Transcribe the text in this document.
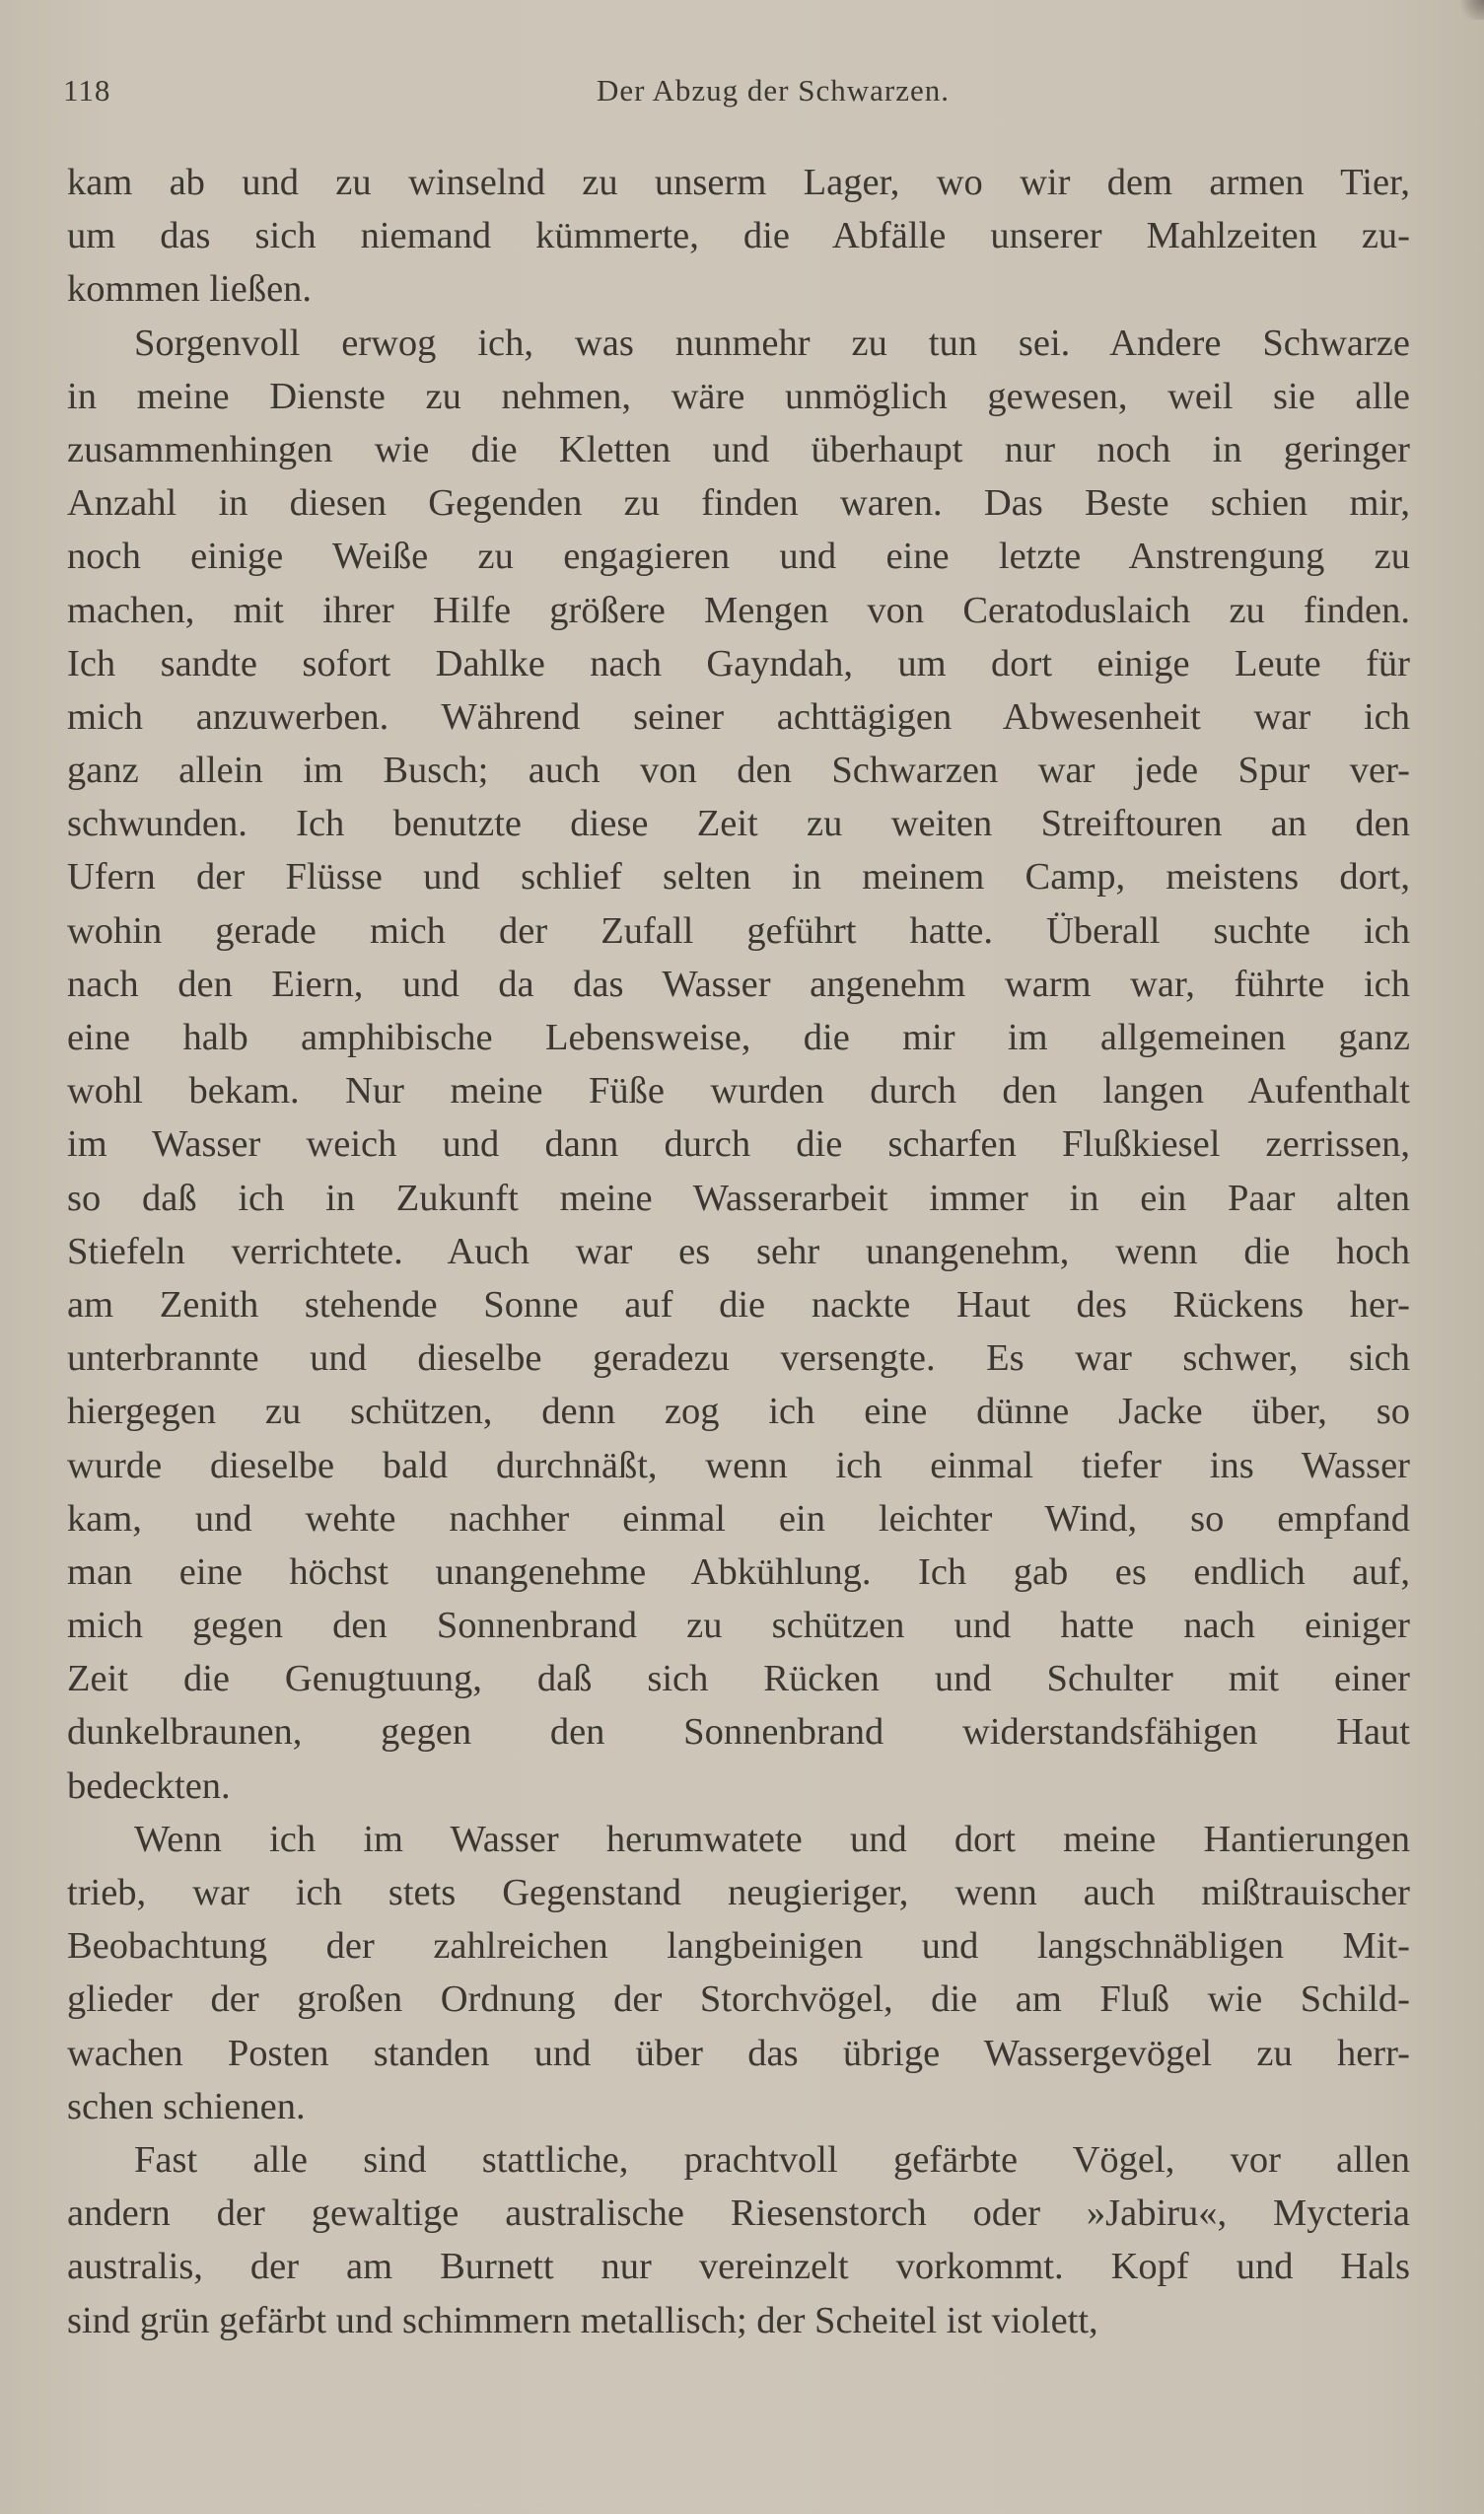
118	Der Abzug der Schwarzen.
kam ab und zu winselnd zu unserm Lager, wo wir dem armen Tier,
um das sich niemand kümmerte, die Abfälle unserer Mahlzeiten zu-
kommen ließen.
Sorgenvoll erwog ich, was nunmehr zu tun sei. Andere Schwarze
in meine Dienste zu nehmen, wäre unmöglich gewesen, weil sie alle
zusammenhingen wie die Kletten und überhaupt nur noch in geringer
Anzahl in diesen Gegenden zu finden waren. Das Beste schien mir,
noch einige Weiße zu engagieren und eine letzte Anstrengung zu
machen, mit ihrer Hilfe größere Mengen von Ceratoduslaich zu finden.
Ich sandte sofort Dahlke nach Gayndah, um dort einige Leute für
mich anzuwerben. Während seiner achttägigen Abwesenheit war ich
ganz allein im Busch; auch von den Schwarzen war jede Spur ver-
schwunden. Ich benutzte diese Zeit zu weiten Streiftouren an den
Ufern der Flüsse und schlief selten in meinem Camp, meistens dort,
wohin gerade mich der Zufall geführt hatte. Überall suchte ich
nach den Eiern, und da das Wasser angenehm warm war, führte ich
eine halb amphibische Lebensweise, die mir im allgemeinen ganz
wohl bekam. Nur meine Füße wurden durch den langen Aufenthalt
im Wasser weich und dann durch die scharfen Flußkiesel zerrissen,
so daß ich in Zukunft meine Wasserarbeit immer in ein Paar alten
Stiefeln verrichtete. Auch war es sehr unangenehm, wenn die hoch
am Zenith stehende Sonne auf die nackte Haut des Rückens her-
unterbrannte und dieselbe geradezu versengte. Es war schwer, sich
hiergegen zu schützen, denn zog ich eine dünne Jacke über, so
wurde dieselbe bald durchnäßt, wenn ich einmal tiefer ins Wasser
kam, und wehte nachher einmal ein leichter Wind, so empfand
man eine höchst unangenehme Abkühlung. Ich gab es endlich auf,
mich gegen den Sonnenbrand zu schützen und hatte nach einiger
Zeit die Genugtuung, daß sich Rücken und Schulter mit einer
dunkelbraunen, gegen den Sonnenbrand widerstandsfähigen Haut
bedeckten.
Wenn ich im Wasser herumwatete und dort meine Hantierungen
trieb, war ich stets Gegenstand neugieriger, wenn auch mißtrauischer
Beobachtung der zahlreichen langbeinigen und langschnäbligen Mit-
glieder der großen Ordnung der Storchvögel, die am Fluß wie Schild-
wachen Posten standen und über das übrige Wassergevögel zu herr-
schen schienen.
Fast alle sind stattliche, prachtvoll gefärbte Vögel, vor allen
andern der gewaltige australische Riesenstorch oder »Jabiru«, Mycteria
australis, der am Burnett nur vereinzelt vorkommt. Kopf und Hals
sind grün gefärbt und schimmern metallisch; der Scheitel ist violett,
